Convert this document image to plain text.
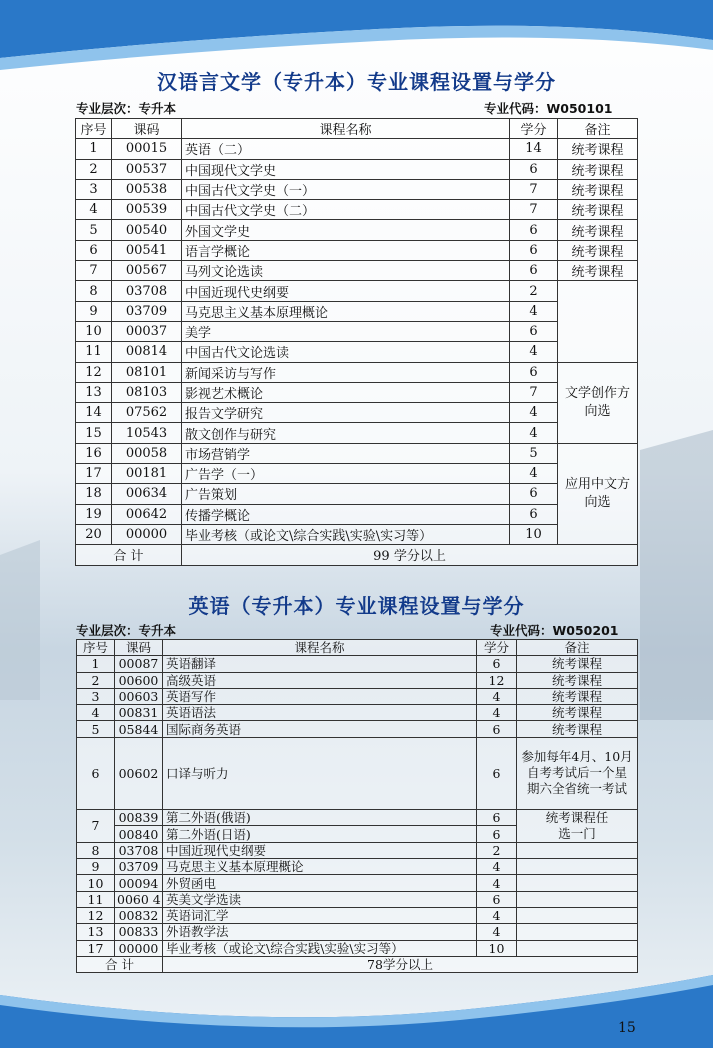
汉语言文学（专升本）专业课程设置与学分
专业层次：专升本	专业代码：W050101
序号	课码	课程名称	学分	备注
1	00015	英语（二）	14	统考课程
2	00537	中国现代文学史	6	统考课程
3	00538	中国古代文学史（一）	7	统考课程
4	00539	中国古代文学史（二）	7	统考课程
5	00540	外国文学史	6	统考课程
6	00541	语言学概论	6	统考课程
7	00567	马列文论选读	6	统考课程
8	03708	中国近现代史纲要	2	
9	03709	马克思主义基本原理概论	4	
10	00037	美学	6	
11	00814	中国古代文论选读	4	
12	08101	新闻采访与写作	6	文学创作方向选
13	08103	影视艺术概论	7	
14	07562	报告文学研究	4	
15	10543	散文创作与研究	4	
16	00058	市场营销学	5	应用中文方向选
17	00181	广告学（一）	4	
18	00634	广告策划	6	
19	00642	传播学概论	6	
20	00000	毕业考核（或论文\综合实践\实验\实习等）	10	
合 计		99 学分以上		
英语（专升本）专业课程设置与学分
专业层次：专升本	专业代码：W050201
序号	课码	课程名称	学分	备注
1	00087	英语翻译	6	统考课程
2	00600	高级英语	12	统考课程
3	00603	英语写作	4	统考课程
4	00831	英语语法	4	统考课程
5	05844	国际商务英语	6	统考课程
6	00602	口译与听力	6	参加每年4月、10月自考考试后一个星期六全省统一考试
7	00839	第二外语(俄语)	6	统考课程任选一门
	00840	第二外语(日语)	6	
8	03708	中国近现代史纲要	2	
9	03709	马克思主义基本原理概论	4	
10	00094	外贸函电	4	
11	0060 4	英美文学选读	6	
12	00832	英语词汇学	4	
13	00833	外语教学法	4	
17	00000	毕业考核（或论文\综合实践\实验\实习等）	10	
合 计		78学分以上		
15
